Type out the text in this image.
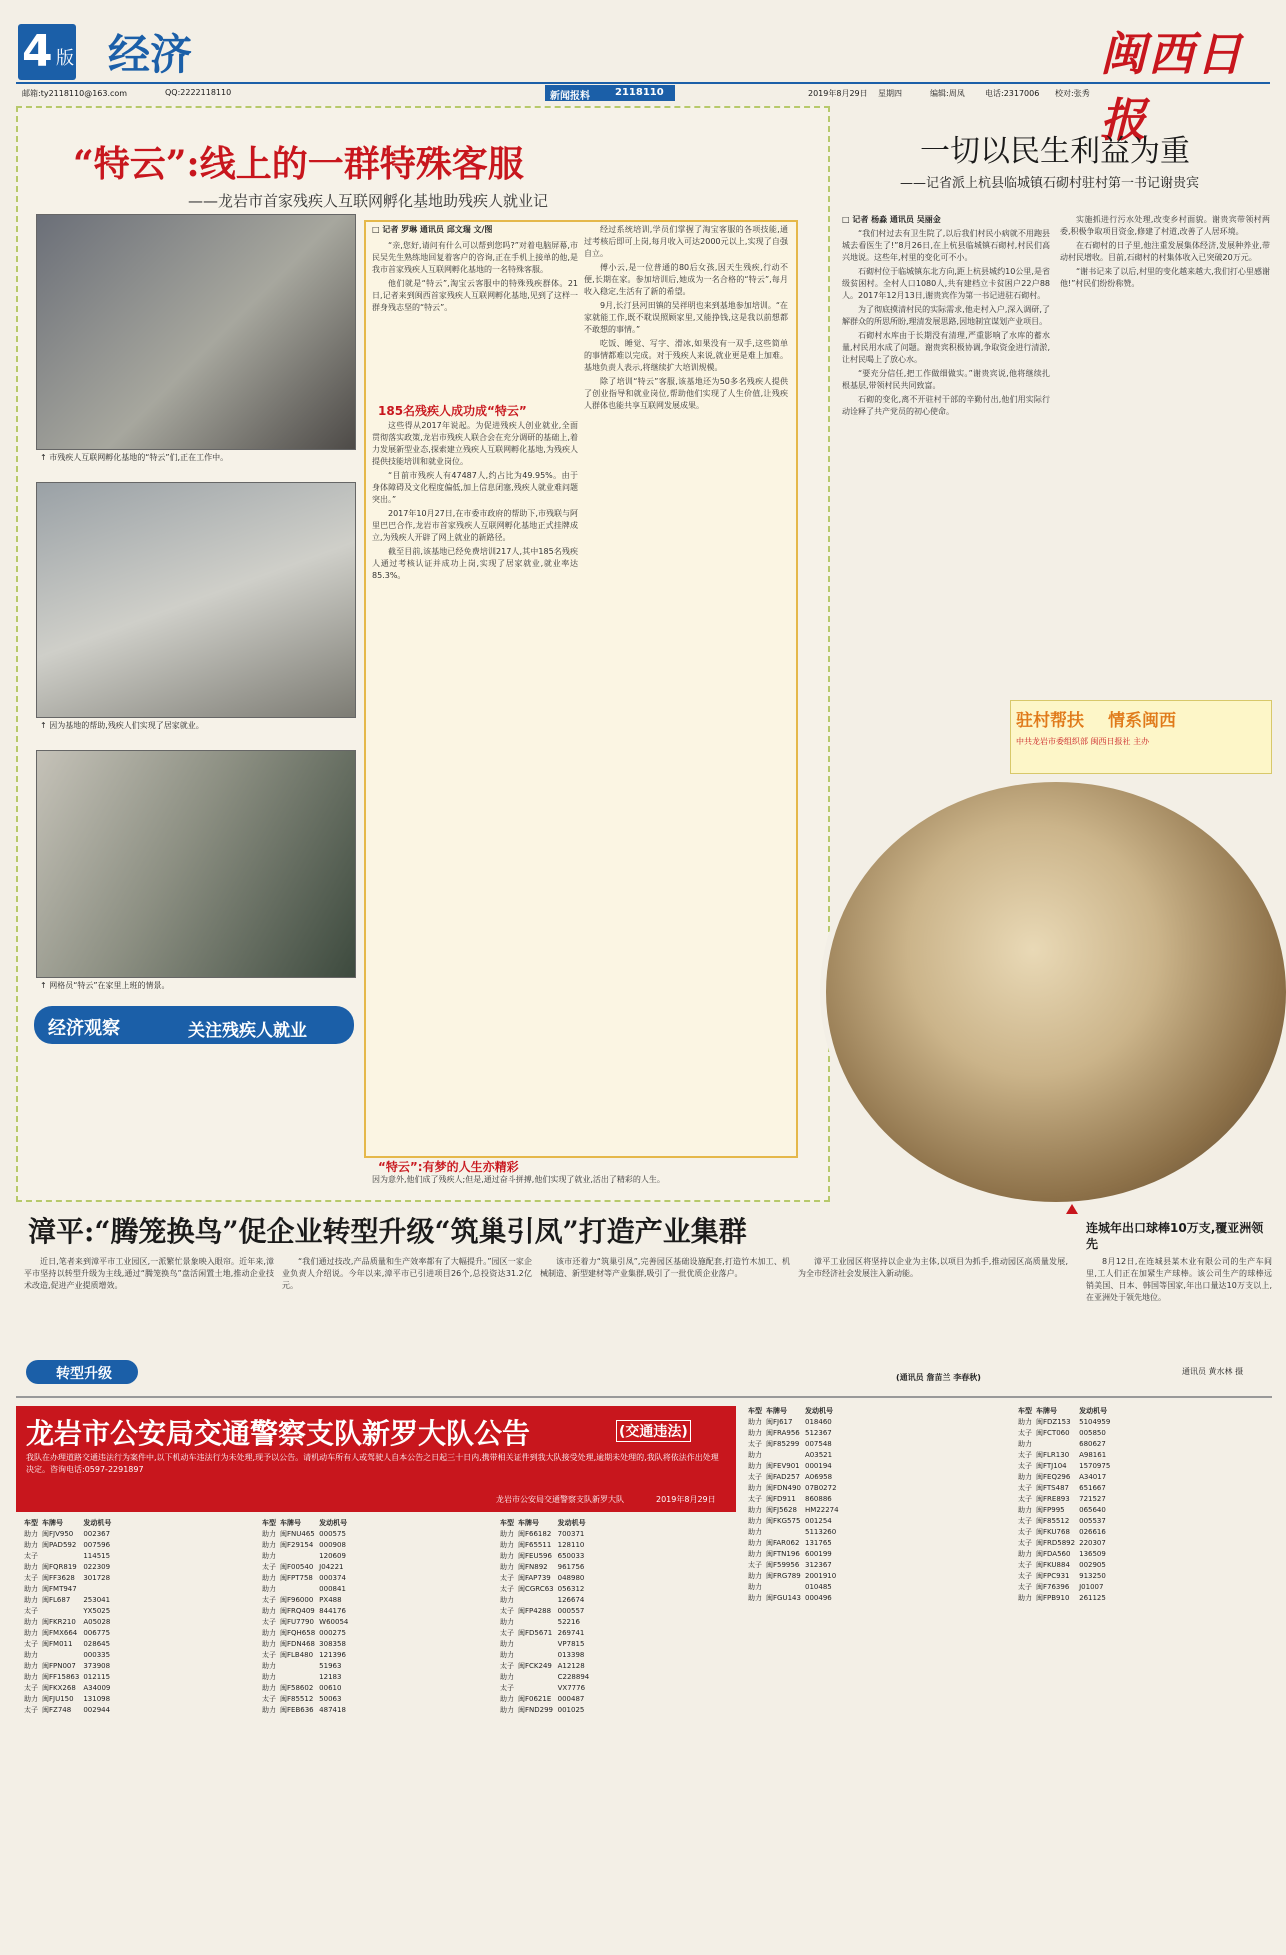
4 版 经济	闽西日报
邮箱:ty2118110@163.com	QQ:2222118110	新闻报料	2118110	2019年8月29日 星期四	编辑:周凤	电话:2317006 校对:张秀
“特云”:线上的一群特殊客服
——龙岩市首家残疾人互联网孵化基地助残疾人就业记
↑ 市残疾人互联网孵化基地的“特云”们,正在工作中。
↑ 因为基地的帮助,残疾人们实现了居家就业。
↑ 网格员“特云”在家里上班的情景。
经济观察	关注残疾人就业
□ 记者 罗琳 通讯员 邱文瑞 文/图

“亲,您好,请问有什么可以帮到您吗?”对着电脑屏幕,市民吴先生熟练地回复着客户的咨询,正在手机上接单的他,是我市首家残疾人互联网孵化基地的一名特殊客服。

他们就是“特云”,淘宝云客服中的特殊残疾群体。21日,记者来到闽西首家残疾人互联网孵化基地,见到了这样一群身残志坚的“特云”。

185名残疾人成功成“特云”

这些得从2017年说起。为促进残疾人创业就业,全面贯彻落实政策,龙岩市残疾人联合会在充分调研的基础上,着力发展新型业态,探索建立残疾人互联网孵化基地,为残疾人提供技能培训和就业岗位。

“目前市残疾人有47487人,约占比为49.95%。由于身体障碍及文化程度偏低,加上信息闭塞,残疾人就业难问题突出。”

2017年10月27日,在市委市政府的帮助下,市残联与阿里巴巴合作,龙岩市首家残疾人互联网孵化基地正式挂牌成立,为残疾人开辟了网上就业的新路径。

截至目前,该基地已经免费培训217人,其中185名残疾人通过考核认证并成功上岗,实现了居家就业,就业率达85.3%。

经过系统培训,学员们掌握了淘宝客服的各项技能,通过考核后即可上岗,每月收入可达2000元以上,实现了自强自立。

傅小云,是一位普通的80后女孩,因天生残疾,行动不便,长期在家。参加培训后,她成为一名合格的“特云”,每月收入稳定,生活有了新的希望。

9月,长汀县河田镇的吴祥明也来到基地参加培训。“在家就能工作,既不耽误照顾家里,又能挣钱,这是我以前想都不敢想的事情。”

吃饭、睡觉、写字、滑冰,如果没有一双手,这些简单的事情都难以完成。对于残疾人来说,就业更是难上加难。基地负责人表示,将继续扩大培训规模。

除了培训“特云”客服,该基地还为50多名残疾人提供了创业指导和就业岗位,帮助他们实现了人生价值,让残疾人群体也能共享互联网发展成果。

“特云”:有梦的人生亦精彩
因为意外,他们成了残疾人;但是,通过奋斗拼搏,他们实现了就业,活出了精彩的人生。
一切以民生利益为重
——记省派上杭县临城镇石砌村驻村第一书记谢贵宾
□ 记者 杨淼 通讯员 吴丽金

“我们村过去有卫生院了,以后我们村民小病就不用跑县城去看医生了!”8月26日,在上杭县临城镇石砌村,村民们高兴地说。这些年,村里的变化可不小。

石砌村位于临城镇东北方向,距上杭县城约10公里,是省级贫困村。全村人口1080人,共有建档立卡贫困户22户88人。2017年12月13日,谢贵宾作为第一书记进驻石砌村。

为了彻底摸清村民的实际需求,他走村入户,深入调研,了解群众的所思所盼,理清发展思路,因地制宜谋划产业项目。

石砌村水库由于长期没有清理,严重影响了水库的蓄水量,村民用水成了问题。谢贵宾积极协调,争取资金进行清淤,让村民喝上了放心水。

“要充分信任,把工作做细做实。”谢贵宾说,他将继续扎根基层,带领村民共同致富。

石砌的变化,离不开驻村干部的辛勤付出,他们用实际行动诠释了共产党员的初心使命。

实施抓进行污水处理,改变乡村面貌。谢贵宾带领村两委,积极争取项目资金,修建了村道,改善了人居环境。

在石砌村的日子里,他注重发展集体经济,发展种养业,带动村民增收。目前,石砌村的村集体收入已突破20万元。

“谢书记来了以后,村里的变化越来越大,我们打心里感谢他!”村民们纷纷称赞。

驻村帮扶 情系闽西
中共龙岩市委组织部 闽西日报社 主办
连城年出口球棒10万支,覆亚洲领先
8月12日,在连城县某木业有限公司的生产车间里,工人们正在加紧生产球棒。该公司生产的球棒远销美国、日本、韩国等国家,年出口量达10万支以上,在亚洲处于领先地位。
通讯员 黄水林 摄
漳平:“腾笼换鸟”促企业转型升级“筑巢引凤”打造产业集群

近日,笔者来到漳平市工业园区,一派繁忙景象映入眼帘。近年来,漳平市坚持以转型升级为主线,通过“腾笼换鸟”盘活闲置土地,推动企业技术改造,促进产业提质增效。

转型升级

“我们通过技改,产品质量和生产效率都有了大幅提升。”园区一家企业负责人介绍说。今年以来,漳平市已引进项目26个,总投资达31.2亿元。

该市还着力“筑巢引凤”,完善园区基础设施配套,打造竹木加工、机械制造、新型建材等产业集群,吸引了一批优质企业落户。

漳平工业园区将坚持以企业为主体,以项目为抓手,推动园区高质量发展,为全市经济社会发展注入新动能。

(通讯员 詹苗兰 李春秋)
龙岩市公安局交通警察支队新罗大队公告	(交通违法)
我队在办理道路交通违法行为案件中,以下机动车违法行为未处理,现予以公告。请机动车所有人或驾驶人自本公告之日起三十日内,携带相关证件到我大队接受处理,逾期未处理的,我队将依法作出处理决定。咨询电话:0597-2291897
龙岩市公安局交通警察支队新罗大队	2019年8月29日
车型	车牌号	发动机号
助力	闽FJV950	002367
助力	闽PAD592	007596
太子		114515
助力	闽FQR819	022309
太子	闽FF3628	301728
助力	闽FMT947	
助力	闽FL687	253041
太子		YX5025
助力	闽FKR210	A05028
助力	闽FMX664	006775
太子	闽FM011	028645
助力		000335
助力	闽FPN007	373908
助力	闽FF15863	012115
太子	闽FKX268	A34009
助力	闽FJU150	131098
太子	闽FZ748	002944
车型	车牌号	发动机号
助力	闽FNU465	000575
助力	闽F29154	000908
助力		120609
太子	闽F00540	J04221
助力	闽FPT758	000374
助力		000841
太子	闽F96000	PX488
助力	闽FRQ409	844176
太子	闽FU7790	W60054
助力	闽FQH658	000275
助力	闽FDN468	308358
太子	闽FLB480	121396
助力		51963
助力		12183
助力	闽F58602	00610
太子	闽F85512	50063
助力	闽FEB636	487418
车型	车牌号	发动机号
助力	闽F66182	700371
助力	闽F65511	128110
助力	闽FEU596	650033
助力	闽FN892	961756
太子	闽FAP739	048980
太子	闽CGRC63	056312
助力		126674
太子	闽FP4288	000557
助力		52216
太子	闽FD5671	269741
助力		VP7815
助力		013398
太子	闽FCK249	A12128
助力		C228894
太子		VX7776
助力	闽F0621E	000487
助力	闽FND299	001025
车型	车牌号	发动机号
助力	闽FJ617	018460
助力	闽FRA956	512367
太子	闽F85299	007548
助力		A03521
助力	闽FEV901	000194
太子	闽FAD257	A06958
助力	闽FDN490	07B0272
太子	闽FD911	860886
助力	闽FJ5628	HM22274
助力	闽FKG575	001254
助力		5113260
助力	闽FAR062	131765
助力	闽FTN196	600199
太子	闽F59956	312367
助力	闽FRG789	2001910
助力		010485
助力	闽FGU143	000496
车型	车牌号	发动机号
助力	闽FDZ153	5104959
太子	闽FCT060	005850
助力		680627
太子	闽FLR130	A98161
太子	闽FTJ104	1570975
助力	闽FEQ296	A34017
太子	闽FTS487	651667
太子	闽FRE893	721527
助力	闽FP995	065640
太子	闽F85512	005537
太子	闽FKU768	026616
太子	闽FRD5892	220307
助力	闽FDA560	136509
太子	闽FKU884	002905
太子	闽FPC931	913250
太子	闽F76396	J01007
助力	闽FPB910	261125
